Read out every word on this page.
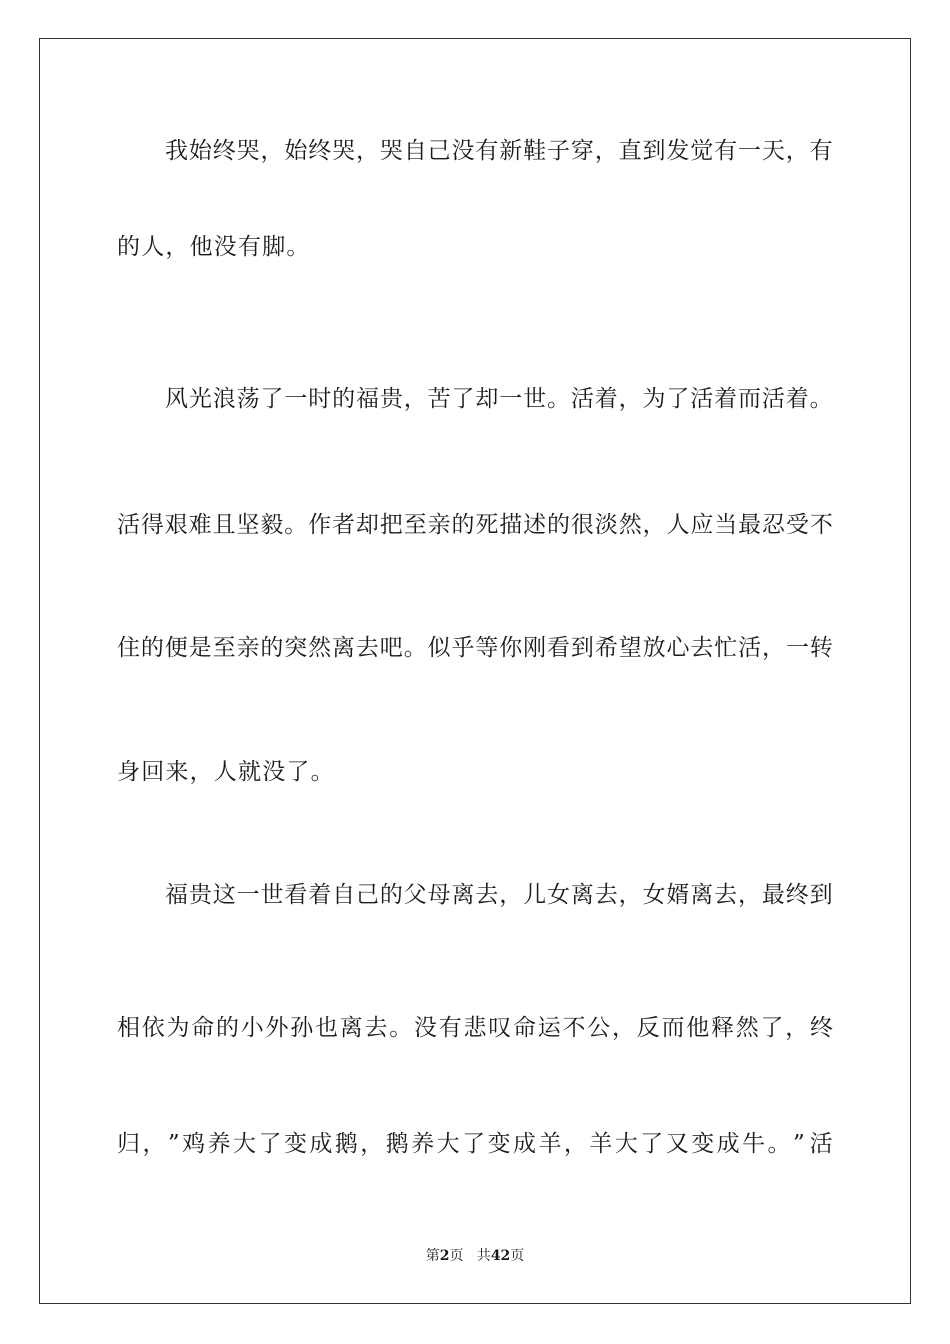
我 始 终 哭 ， 始 终 哭 ， 哭 自 己 没 有 新 鞋 子 穿 ， 直 到 发 觉 有 一 天 ， 有
的人，他没有脚。
风 光 浪 荡 了 一 时 的 福 贵 ， 苦 了 却 一 世 。 活 着 ， 为 了 活 着 而 活 着 。
活 得 艰 难 且 坚 毅 。 作 者 却 把 至 亲 的 死 描 述 的 很 淡 然 ， 人 应 当 最 忍 受 不
住 的 便 是 至 亲 的 突 然 离 去 吧 。 似 乎 等 你 刚 看 到 希 望 放 心 去 忙 活 ， 一 转
身回来，人就没了。
福 贵 这 一 世 看 着 自 己 的 父 母 离 去 ， 儿 女 离 去 ， 女 婿 离 去 ， 最 终 到
相 依 为 命 的 小 外 孙 也 离 去 。 没 有 悲 叹 命 运 不 公 ， 反 而 他 释 然 了 ， 终
归 ， ” 鸡 养 大 了 变 成 鹅 ， 鹅 养 大 了 变 成 羊 ， 羊 大 了 又 变 成 牛 。 ” 活
第2页   共42页
